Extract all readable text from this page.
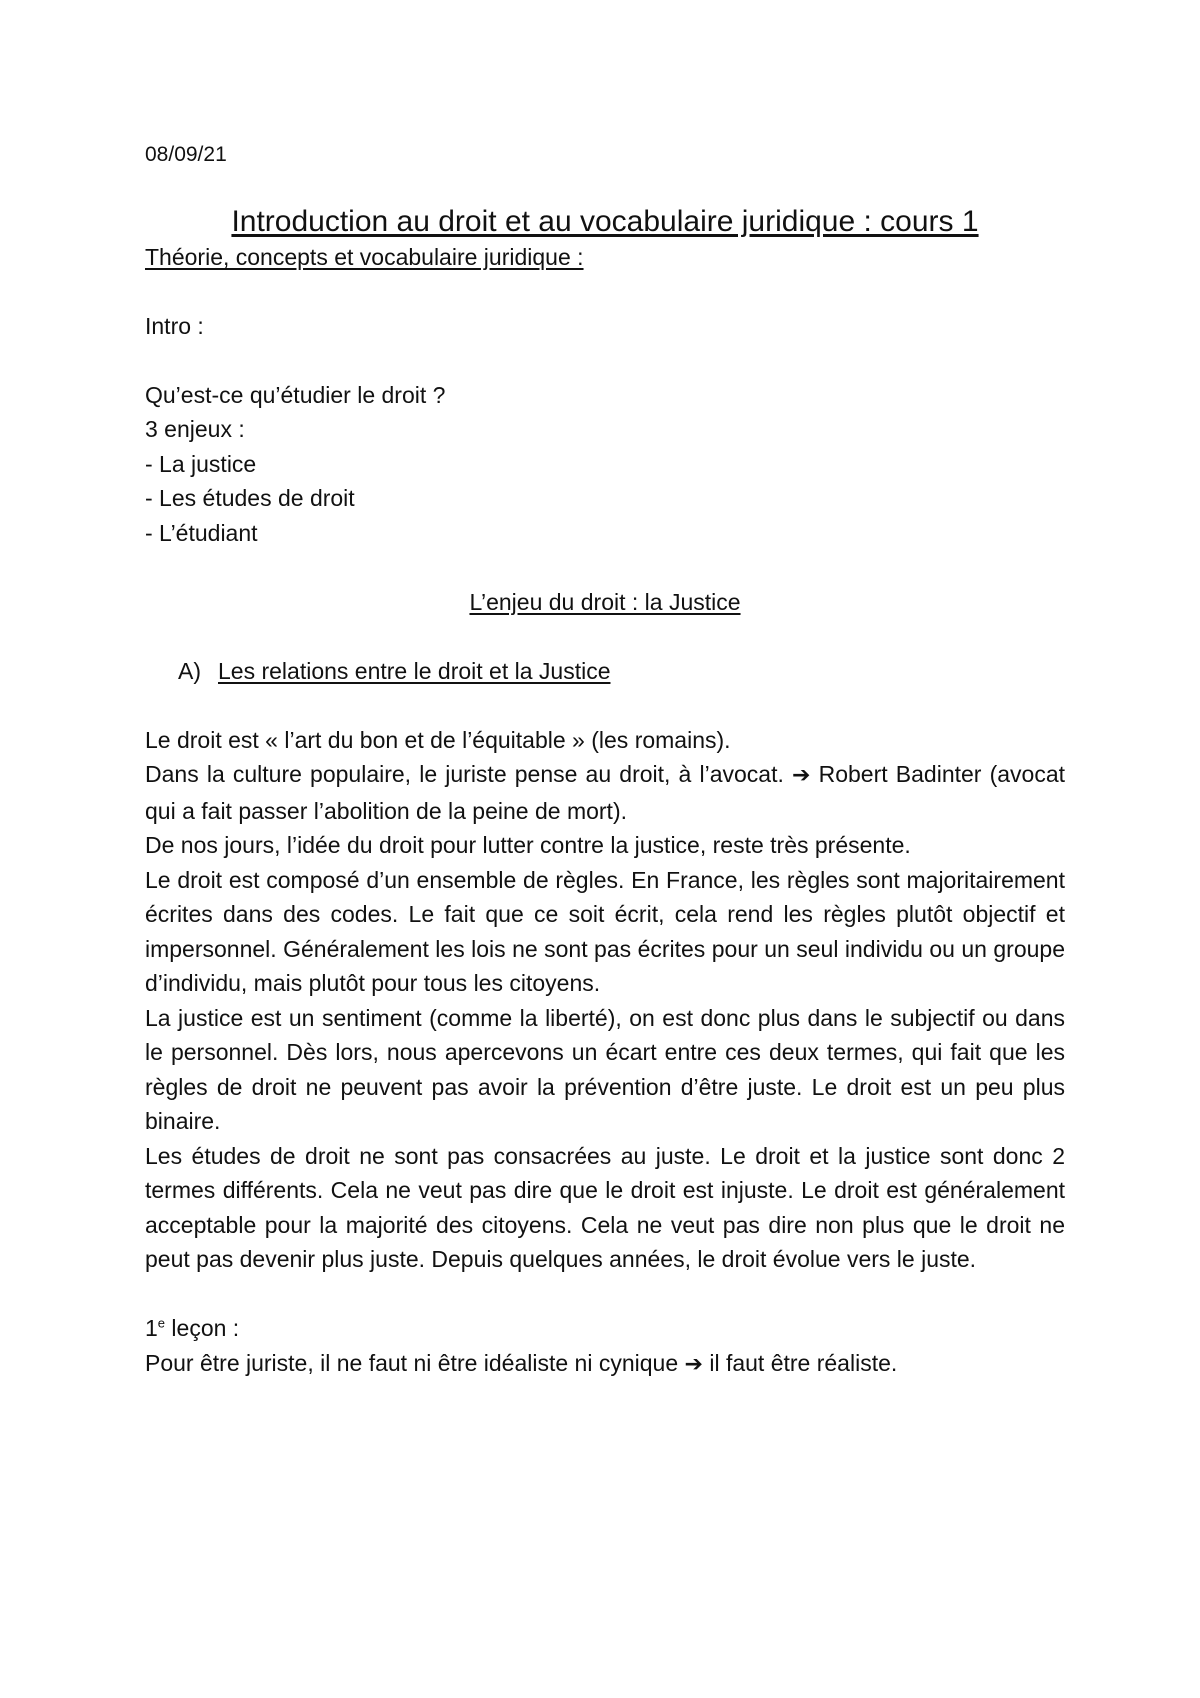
08/09/21
Introduction au droit et au vocabulaire juridique : cours 1
Théorie, concepts et vocabulaire juridique :
Intro :
Qu’est-ce qu’étudier le droit ?
3 enjeux :
- La justice
- Les études de droit
- L’étudiant
L’enjeu du droit : la Justice
A) Les relations entre le droit et la Justice
Le droit est « l’art du bon et de l’équitable » (les romains).
Dans la culture populaire, le juriste pense au droit, à l’avocat. ➔ Robert Badinter (avocat qui a fait passer l’abolition de la peine de mort).
De nos jours, l’idée du droit pour lutter contre la justice, reste très présente.
Le droit est composé d’un ensemble de règles. En France, les règles sont majoritairement écrites dans des codes. Le fait que ce soit écrit, cela rend les règles plutôt objectif et impersonnel. Généralement les lois ne sont pas écrites pour un seul individu ou un groupe d’individu, mais plutôt pour tous les citoyens.
La justice est un sentiment (comme la liberté), on est donc plus dans le subjectif ou dans le personnel. Dès lors, nous apercevons un écart entre ces deux termes, qui fait que les règles de droit ne peuvent pas avoir la prévention d’être juste. Le droit est un peu plus binaire.
Les études de droit ne sont pas consacrées au juste. Le droit et la justice sont donc 2 termes différents. Cela ne veut pas dire que le droit est injuste. Le droit est généralement acceptable pour la majorité des citoyens. Cela ne veut pas dire non plus que le droit ne peut pas devenir plus juste. Depuis quelques années, le droit évolue vers le juste.
1e leçon :
Pour être juriste, il ne faut ni être idéaliste ni cynique ➔ il faut être réaliste.
